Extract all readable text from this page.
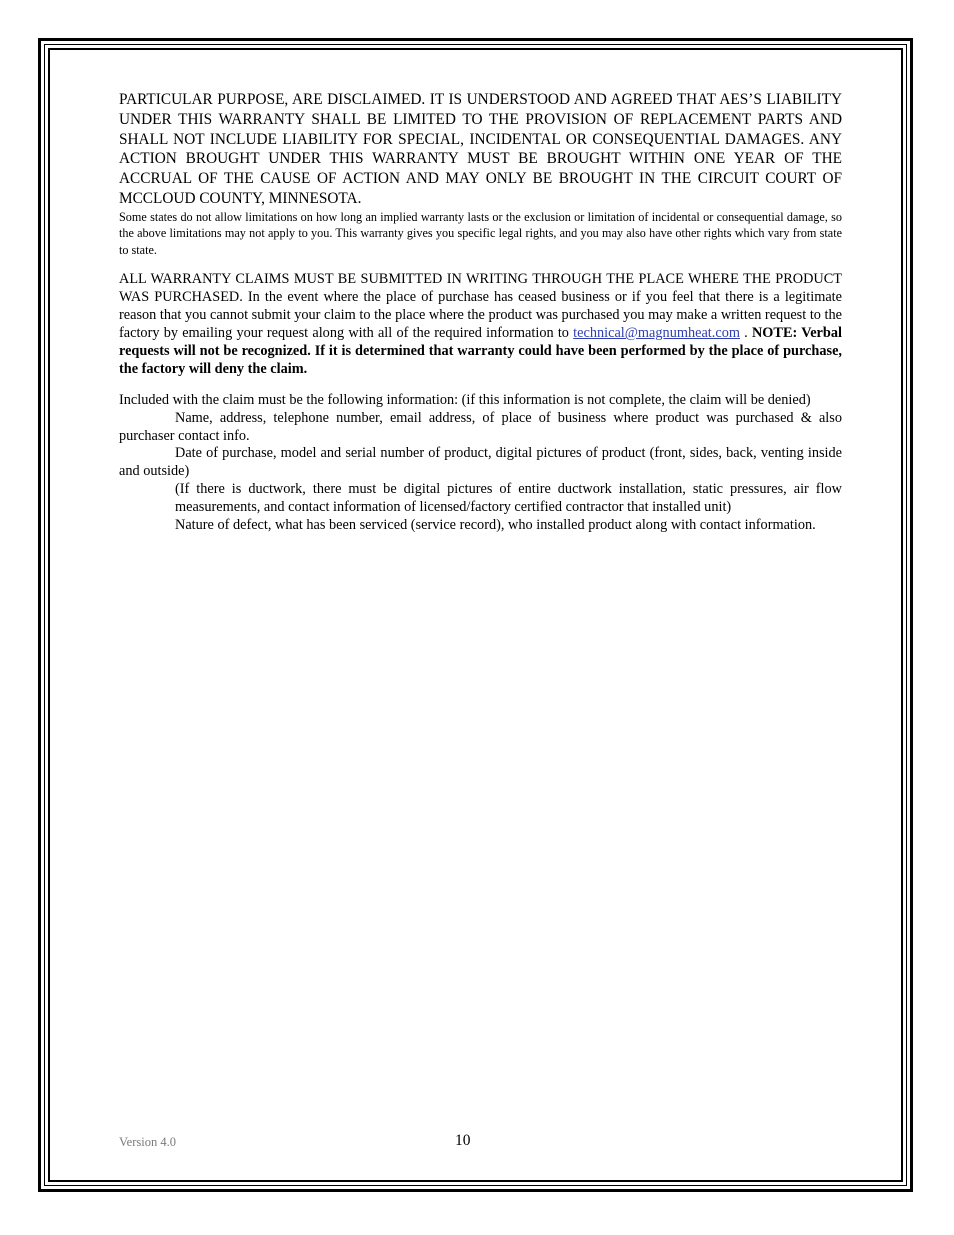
PARTICULAR PURPOSE, ARE DISCLAIMED. IT IS UNDERSTOOD AND AGREED THAT AES’S LIABILITY UNDER THIS WARRANTY SHALL BE LIMITED TO THE PROVISION OF REPLACEMENT PARTS AND SHALL NOT INCLUDE LIABILITY FOR SPECIAL, INCIDENTAL OR CONSEQUENTIAL DAMAGES. ANY ACTION BROUGHT UNDER THIS WARRANTY MUST BE BROUGHT WITHIN ONE YEAR OF THE ACCRUAL OF THE CAUSE OF ACTION AND MAY ONLY BE BROUGHT IN THE CIRCUIT COURT OF MCCLOUD COUNTY, MINNESOTA.

Some states do not allow limitations on how long an implied warranty lasts or the exclusion or limitation of incidental or consequential damage, so the above limitations may not apply to you. This warranty gives you specific legal rights, and you may also have other rights which vary from state to state.

ALL WARRANTY CLAIMS MUST BE SUBMITTED IN WRITING THROUGH THE PLACE WHERE THE PRODUCT WAS PURCHASED. In the event where the place of purchase has ceased business or if you feel that there is a legitimate reason that you cannot submit your claim to the place where the product was purchased you may make a written request to the factory by emailing your request along with all of the required information to technical@magnumheat.com . NOTE: Verbal requests will not be recognized. If it is determined that warranty could have been performed by the place of purchase, the factory will deny the claim.

Included with the claim must be the following information: (if this information is not complete, the claim will be denied)

Name, address, telephone number, email address, of place of business where product was purchased & also purchaser contact info.

Date of purchase, model and serial number of product, digital pictures of product (front, sides, back, venting inside and outside)

(If there is ductwork, there must be digital pictures of entire ductwork installation, static pressures, air flow measurements, and contact information of licensed/factory certified contractor that installed unit)

Nature of defect, what has been serviced (service record), who installed product along with contact information.

Version 4.0	10
